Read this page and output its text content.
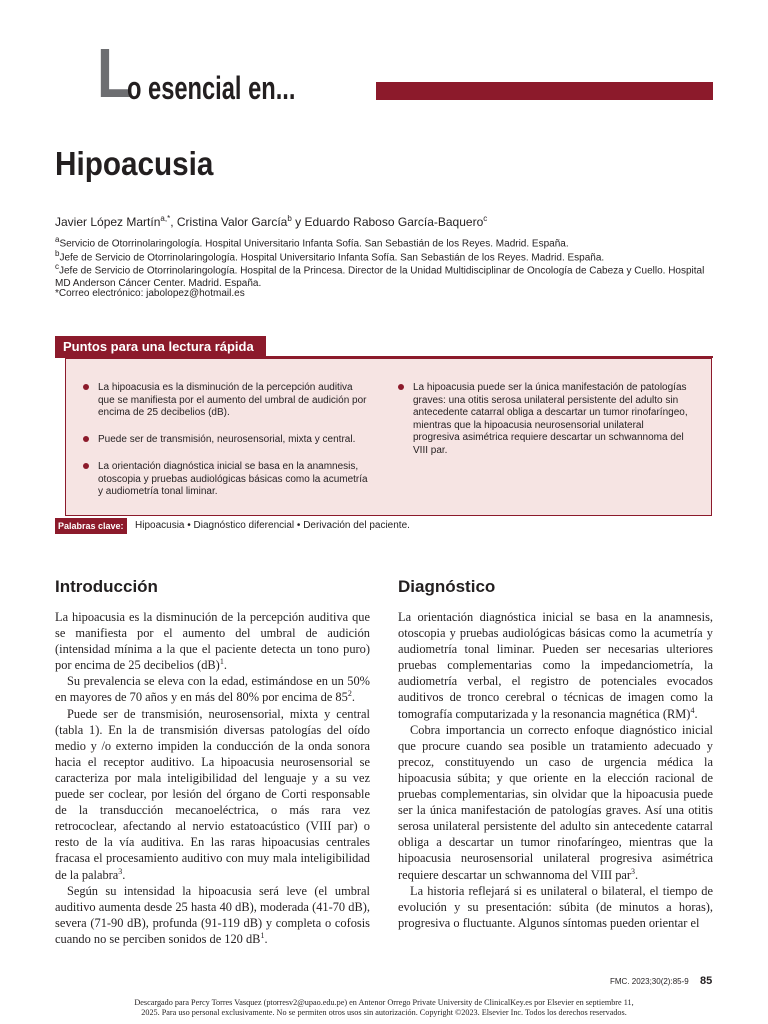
L
o esencial en...
Hipoacusia
Javier López Martín$^{a,*}$, Cristina Valor García$^b$ y Eduardo Raboso García-Baquero$^c$
$^a$Servicio de Otorrinolaringología. Hospital Universitario Infanta Sofía. San Sebastián de los Reyes. Madrid. España.
$^b$Jefe de Servicio de Otorrinolaringología. Hospital Universitario Infanta Sofía. San Sebastián de los Reyes. Madrid. España.
$^c$Jefe de Servicio de Otorrinolaringología. Hospital de la Princesa. Director de la Unidad Multidisciplinar de Oncología de Cabeza y Cuello. Hospital MD Anderson Cáncer Center. Madrid. España.
*Correo electrónico: jabolopez@hotmail.es
Puntos para una lectura rápida
La hipoacusia es la disminución de la percepción auditiva que se manifiesta por el aumento del umbral de audición por encima de 25 decibelios (dB).
Puede ser de transmisión, neurosensorial, mixta y central.
La orientación diagnóstica inicial se basa en la anamnesis, otoscopia y pruebas audiológicas básicas como la acumetría y audiometría tonal liminar.
La hipoacusia puede ser la única manifestación de patologías graves: una otitis serosa unilateral persistente del adulto sin antecedente catarral obliga a descartar un tumor rinofaríngeo, mientras que la hipoacusia neurosensorial unilateral progresiva asimétrica requiere descartar un schwannoma del VIII par.
Palabras clave:	Hipoacusia • Diagnóstico diferencial • Derivación del paciente.
Introducción

La hipoacusia es la disminución de la percepción auditiva que se manifiesta por el aumento del umbral de audición (intensidad mínima a la que el paciente detecta un tono puro) por encima de 25 decibelios (dB)$^1$.

Su prevalencia se eleva con la edad, estimándose en un 50% en mayores de 70 años y en más del 80% por encima de $85^2$.

Puede ser de transmisión, neurosensorial, mixta y central (tabla 1). En la de transmisión diversas patologías del oído medio y /o externo impiden la conducción de la onda sonora hacia el receptor auditivo. La hipoacusia neurosensorial se caracteriza por mala inteligibilidad del lenguaje y a su vez puede ser coclear, por lesión del órgano de Corti responsable de la transducción mecanoeléctrica, o más rara vez retrococlear, afectando al nervio estatoacústico (VIII par) o resto de la vía auditiva. En las raras hipoacusias centrales fracasa el procesamiento auditivo con muy mala inteligibilidad de la palabra$^3$.

Según su intensidad la hipoacusia será leve (el umbral auditivo aumenta desde 25 hasta 40 dB), moderada (41-70 dB), severa (71-90 dB), profunda (91-119 dB) y completa o cofosis cuando no se perciben sonidos de 120 $dB^1$.

Diagnóstico

La orientación diagnóstica inicial se basa en la anamnesis, otoscopia y pruebas audiológicas básicas como la acumetría y audiometría tonal liminar. Pueden ser necesarias ulteriores pruebas complementarias como la impedanciometría, la audiometría verbal, el registro de potenciales evocados auditivos de tronco cerebral o técnicas de imagen como la tomografía computarizada y la resonancia magnética (RM)$^4$.

Cobra importancia un correcto enfoque diagnóstico inicial que procure cuando sea posible un tratamiento adecuado y precoz, constituyendo un caso de urgencia médica la hipoacusia súbita; y que oriente en la elección racional de pruebas complementarias, sin olvidar que la hipoacusia puede ser la única manifestación de patologías graves. Así una otitis serosa unilateral persistente del adulto sin antecedente catarral obliga a descartar un tumor rinofaríngeo, mientras que la hipoacusia neurosensorial unilateral progresiva asimétrica requiere descartar un schwannoma del VIII par$^3$.

La historia reflejará si es unilateral o bilateral, el tiempo de evolución y su presentación: súbita (de minutos a horas), progresiva o fluctuante. Algunos síntomas pueden orientar el

FMC. 2023;30(2):85-9 85
Descargado para Percy Torres Vasquez (ptorresv2@upao.edu.pe) en Antenor Orrego Private University de ClinicalKey.es por Elsevier en septiembre 11,
2025. Para uso personal exclusivamente. No se permiten otros usos sin autorización. Copyright ©2023. Elsevier Inc. Todos los derechos reservados.
